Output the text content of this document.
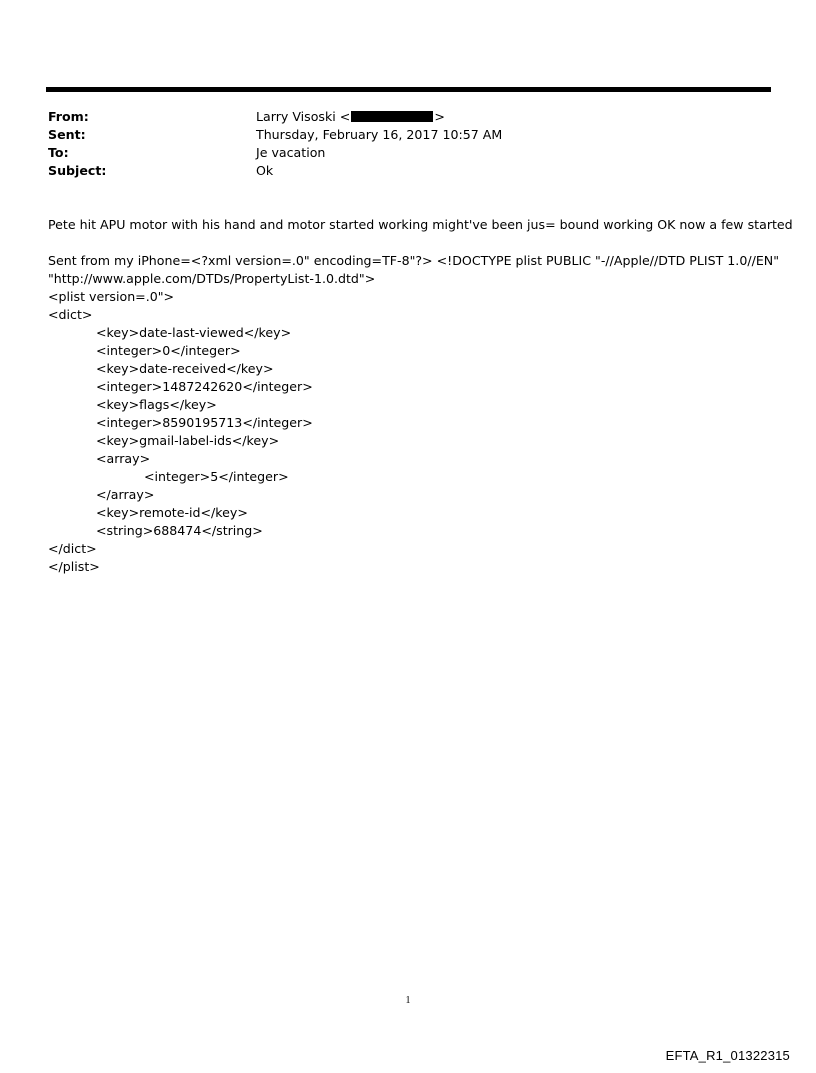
From:	Larry Visoski <	>
Sent:	Thursday, February 16, 2017 10:57 AM
To:	Je vacation
Subject:	Ok

Pete hit APU motor with his hand and motor started working might've been jus= bound working OK now a few started

Sent from my iPhone=<?xml version=.0" encoding=TF-8"?> <!DOCTYPE plist PUBLIC "-//Apple//DTD PLIST 1.0//EN"

"http://www.apple.com/DTDs/PropertyList-1.0.dtd">

<plist version=.0">

<dict>

<key>date-last-viewed</key>

<integer>0</integer>

<key>date-received</key>

<integer>1487242620</integer>

<key>flags</key>

<integer>8590195713</integer>

<key>gmail-label-ids</key>

<array>

<integer>5</integer>

</array>

<key>remote-id</key>

<string>688474</string>

</dict>

</plist>

1
EFTA_R1_01322315
